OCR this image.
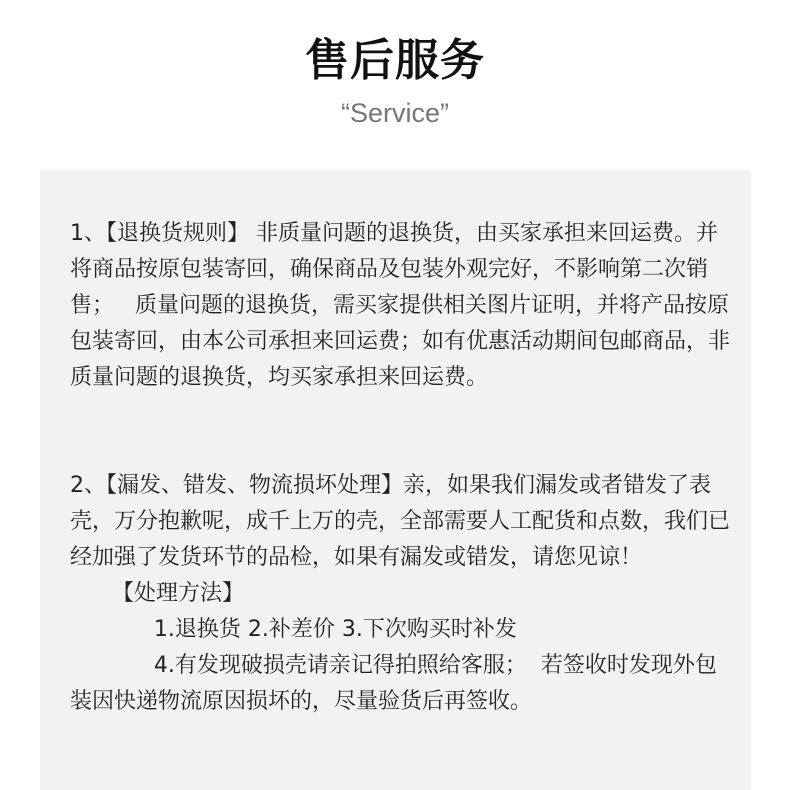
售后服务
“Service”

1、【退换货规则】 非质量问题的退换货，由买家承担来回运费。并将商品按原包装寄回，确保商品及包装外观完好，不影响第二次销售；   质量问题的退换货，需买家提供相关图片证明，并将产品按原包装寄回，由本公司承担来回运费；如有优惠活动期间包邮商品，非质量问题的退换货，均买家承担来回运费。

2、【漏发、错发、物流损坏处理】亲，如果我们漏发或者错发了表壳，万分抱歉呢，成千上万的壳，全部需要人工配货和点数，我们已经加强了发货环节的品检，如果有漏发或错发，请您见谅！
【处理方法】
1.退换货 2.补差价 3.下次购买时补发
4.有发现破损壳请亲记得拍照给客服；  若签收时发现外包装因快递物流原因损坏的，尽量验货后再签收。
